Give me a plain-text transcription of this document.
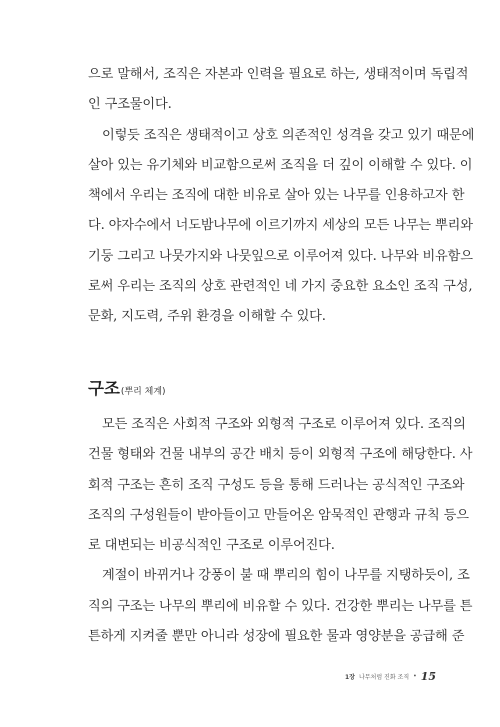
으로 말해서, 조직은 자본과 인력을 필요로 하는, 생태적이며 독립적
인 구조물이다.
이렇듯 조직은 생태적이고 상호 의존적인 성격을 갖고 있기 때문에
살아 있는 유기체와 비교함으로써 조직을 더 깊이 이해할 수 있다. 이
책에서 우리는 조직에 대한 비유로 살아 있는 나무를 인용하고자 한
다. 야자수에서 너도밤나무에 이르기까지 세상의 모든 나무는 뿌리와
기둥 그리고 나뭇가지와 나뭇잎으로 이루어져 있다. 나무와 비유함으
로써 우리는 조직의 상호 관련적인 네 가지 중요한 요소인 조직 구성,
문화, 지도력, 주위 환경을 이해할 수 있다.
구조 (뿌리 체계)
모든 조직은 사회적 구조와 외형적 구조로 이루어져 있다. 조직의
건물 형태와 건물 내부의 공간 배치 등이 외형적 구조에 해당한다. 사
회적 구조는 흔히 조직 구성도 등을 통해 드러나는 공식적인 구조와
조직의 구성원들이 받아들이고 만들어온 암묵적인 관행과 규칙 등으
로 대변되는 비공식적인 구조로 이루어진다.
계절이 바뀌거나 강풍이 불 때 뿌리의 힘이 나무를 지탱하듯이, 조
직의 구조는 나무의 뿌리에 비유할 수 있다. 건강한 뿌리는 나무를 튼
튼하게 지켜줄 뿐만 아니라 성장에 필요한 물과 영양분을 공급해 준
1장 나무처럼 진화 조직 • 15
